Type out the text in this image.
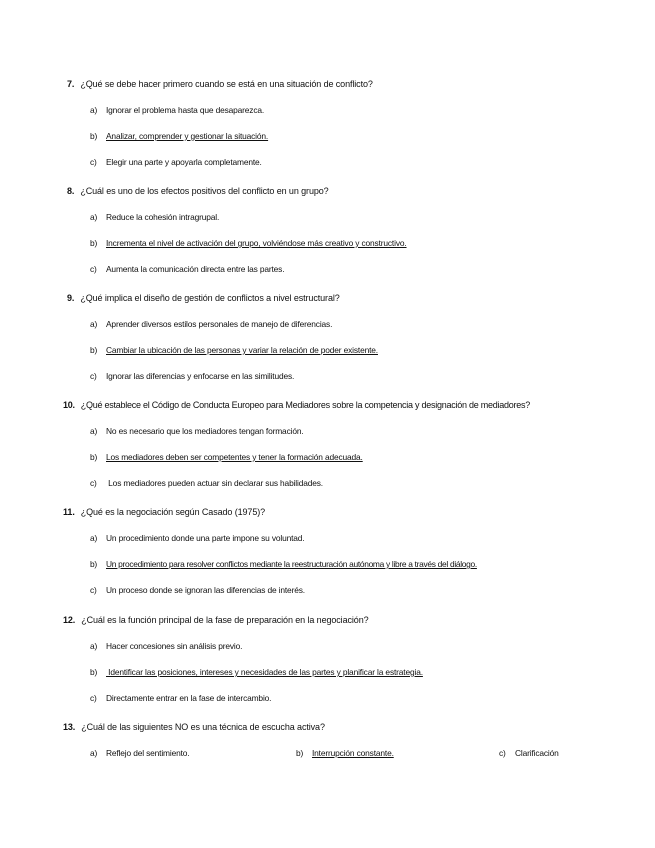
7. ¿Qué se debe hacer primero cuando se está en una situación de conflicto?
a) Ignorar el problema hasta que desaparezca.
b) Analizar, comprender y gestionar la situación.
c) Elegir una parte y apoyarla completamente.
8. ¿Cuál es uno de los efectos positivos del conflicto en un grupo?
a) Reduce la cohesión intragrupal.
b) Incrementa el nivel de activación del grupo, volviéndose más creativo y constructivo.
c) Aumenta la comunicación directa entre las partes.
9. ¿Qué implica el diseño de gestión de conflictos a nivel estructural?
a) Aprender diversos estilos personales de manejo de diferencias.
b) Cambiar la ubicación de las personas y variar la relación de poder existente.
c) Ignorar las diferencias y enfocarse en las similitudes.
10. ¿Qué establece el Código de Conducta Europeo para Mediadores sobre la competencia y designación de mediadores?
a) No es necesario que los mediadores tengan formación.
b) Los mediadores deben ser competentes y tener la formación adecuada.
c) Los mediadores pueden actuar sin declarar sus habilidades.
11. ¿Qué es la negociación según Casado (1975)?
a) Un procedimiento donde una parte impone su voluntad.
b) Un procedimiento para resolver conflictos mediante la reestructuración autónoma y libre a través del diálogo.
c) Un proceso donde se ignoran las diferencias de interés.
12. ¿Cuál es la función principal de la fase de preparación en la negociación?
a) Hacer concesiones sin análisis previo.
b) Identificar las posiciones, intereses y necesidades de las partes y planificar la estrategia.
c) Directamente entrar en la fase de intercambio.
13. ¿Cuál de las siguientes NO es una técnica de escucha activa?
a) Reflejo del sentimiento.	b) Interrupción constante.	c) Clarificación
